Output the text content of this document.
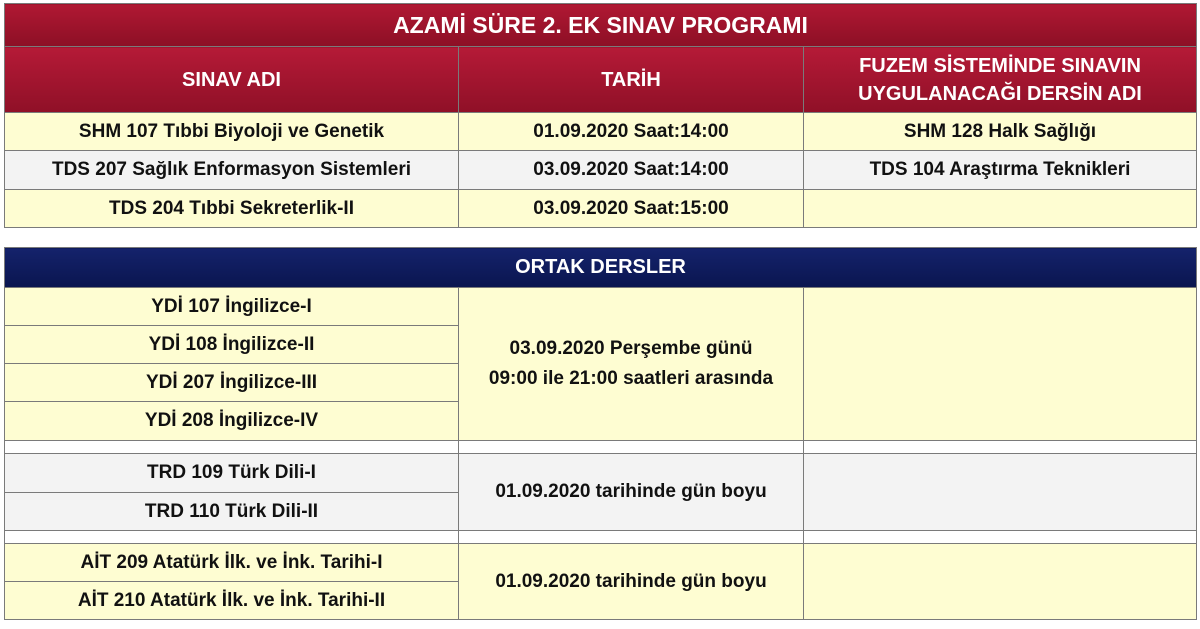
AZAMİ SÜRE 2. EK SINAV PROGRAMI		
SINAV ADI	TARİH	FUZEM SİSTEMİNDE SINAVIN
UYGULANACAĞI DERSİN ADI

SHM 107 Tıbbi Biyoloji ve Genetik	01.09.2020 Saat:14:00	SHM 128 Halk Sağlığı
TDS 207 Sağlık Enformasyon Sistemleri	03.09.2020 Saat:14:00	TDS 104 Araştırma Teknikleri
TDS 204 Tıbbi Sekreterlik-II	03.09.2020 Saat:15:00	
ORTAK DERSLER		
YDİ 107 İngilizce-I	03.09.2020 Perşembe günü
09:00 ile 21:00 saatleri arasında	

YDİ 108 İngilizce-II		
YDİ 207 İngilizce-III		
YDİ 208 İngilizce-IV		

TRD 109 Türk Dili-I	01.09.2020 tarihinde gün boyu	
TRD 110 Türk Dili-II		

AİT 209 Atatürk İlk. ve İnk. Tarihi-I	01.09.2020 tarihinde gün boyu	
AİT 210 Atatürk İlk. ve İnk. Tarihi-II		
